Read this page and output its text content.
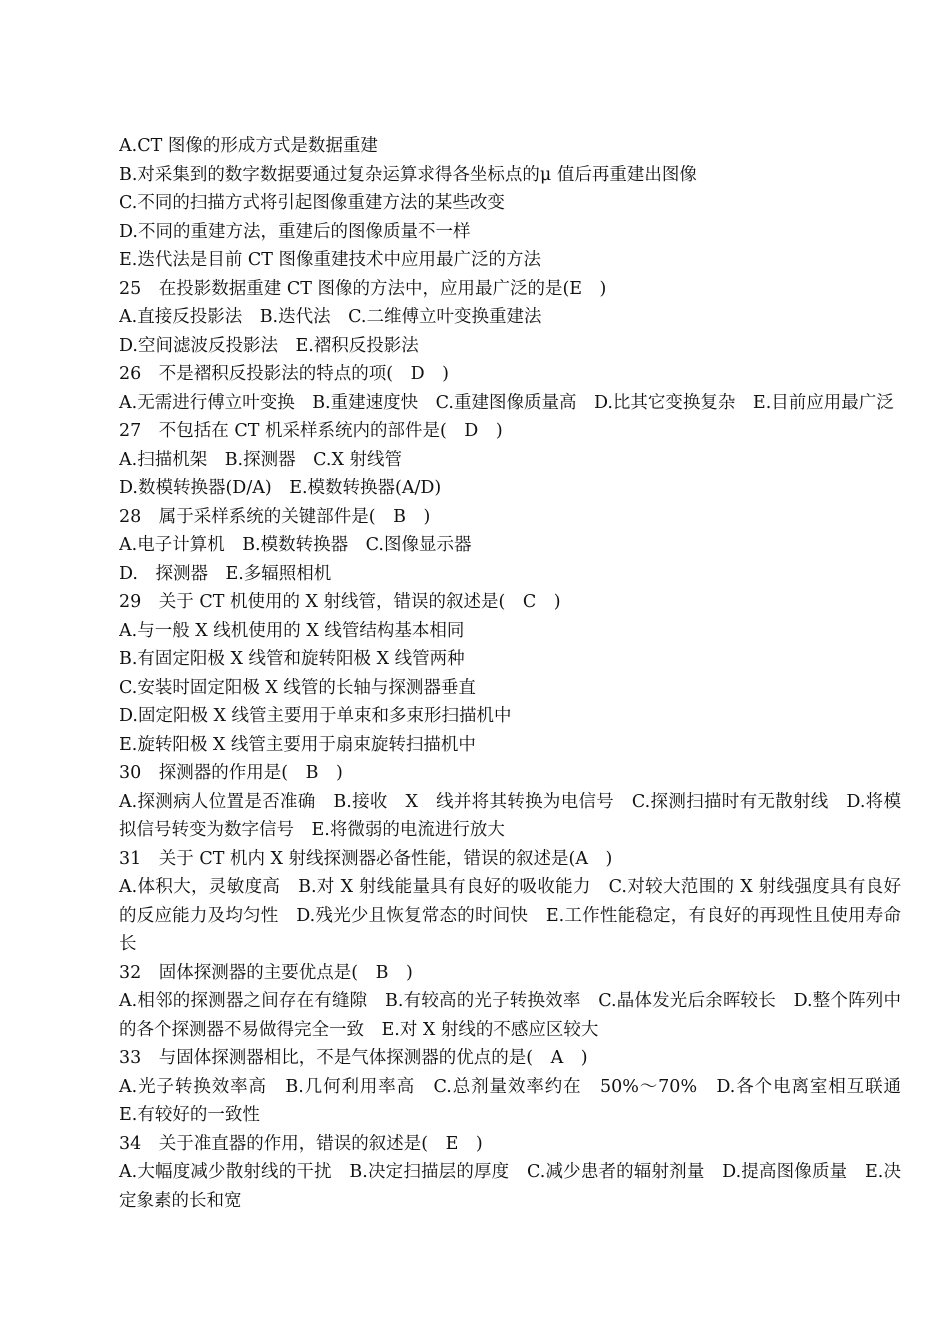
A.CT 图像的形成方式是数据重建
B.对采集到的数字数据要通过复杂运算求得各坐标点的μ 值后再重建出图像
C.不同的扫描方式将引起图像重建方法的某些改变
D.不同的重建方法，重建后的图像质量不一样
E.迭代法是目前 CT 图像重建技术中应用最广泛的方法
25　在投影数据重建 CT 图像的方法中，应用最广泛的是(E　)
A.直接反投影法　B.迭代法　C.二维傅立叶变换重建法
D.空间滤波反投影法　E.褶积反投影法
26　不是褶积反投影法的特点的项(　D　)
A.无需进行傅立叶变换　B.重建速度快　C.重建图像质量高　D.比其它变换复杂　E.目前应用最广泛
27　不包括在 CT 机采样系统内的部件是(　D　)
A.扫描机架　B.探测器　C.X 射线管
D.数模转换器(D/A)　E.模数转换器(A/D)
28　属于采样系统的关键部件是(　B　)
A.电子计算机　B.模数转换器　C.图像显示器
D.　探测器　E.多辐照相机
29　关于 CT 机使用的 X 射线管，错误的叙述是(　C　)
A.与一般 X 线机使用的 X 线管结构基本相同
B.有固定阳极 X 线管和旋转阳极 X 线管两种
C.安装时固定阳极 X 线管的长轴与探测器垂直
D.固定阳极 X 线管主要用于单束和多束形扫描机中
E.旋转阳极 X 线管主要用于扇束旋转扫描机中
30　探测器的作用是(　B　)
A.探测病人位置是否准确　B.接收　X　线并将其转换为电信号　C.探测扫描时有无散射线　D.将模拟信号转变为数字信号　E.将微弱的电流进行放大
31　关于 CT 机内 X 射线探测器必备性能，错误的叙述是(A　)
A.体积大，灵敏度高　B.对 X 射线能量具有良好的吸收能力　C.对较大范围的 X 射线强度具有良好的反应能力及均匀性　D.残光少且恢复常态的时间快　E.工作性能稳定，有良好的再现性且使用寿命长
32　固体探测器的主要优点是(　B　)
A.相邻的探测器之间存在有缝隙　B.有较高的光子转换效率　C.晶体发光后余晖较长　D.整个阵列中的各个探测器不易做得完全一致　E.对 X 射线的不感应区较大
33　与固体探测器相比，不是气体探测器的优点的是(　A　)
A.光子转换效率高　B.几何利用率高　C.总剂量效率约在　50%～70%　D.各个电离室相互联通　E.有较好的一致性
34　关于准直器的作用，错误的叙述是(　E　)
A.大幅度减少散射线的干扰　B.决定扫描层的厚度　C.减少患者的辐射剂量　D.提高图像质量　E.决定象素的长和宽
